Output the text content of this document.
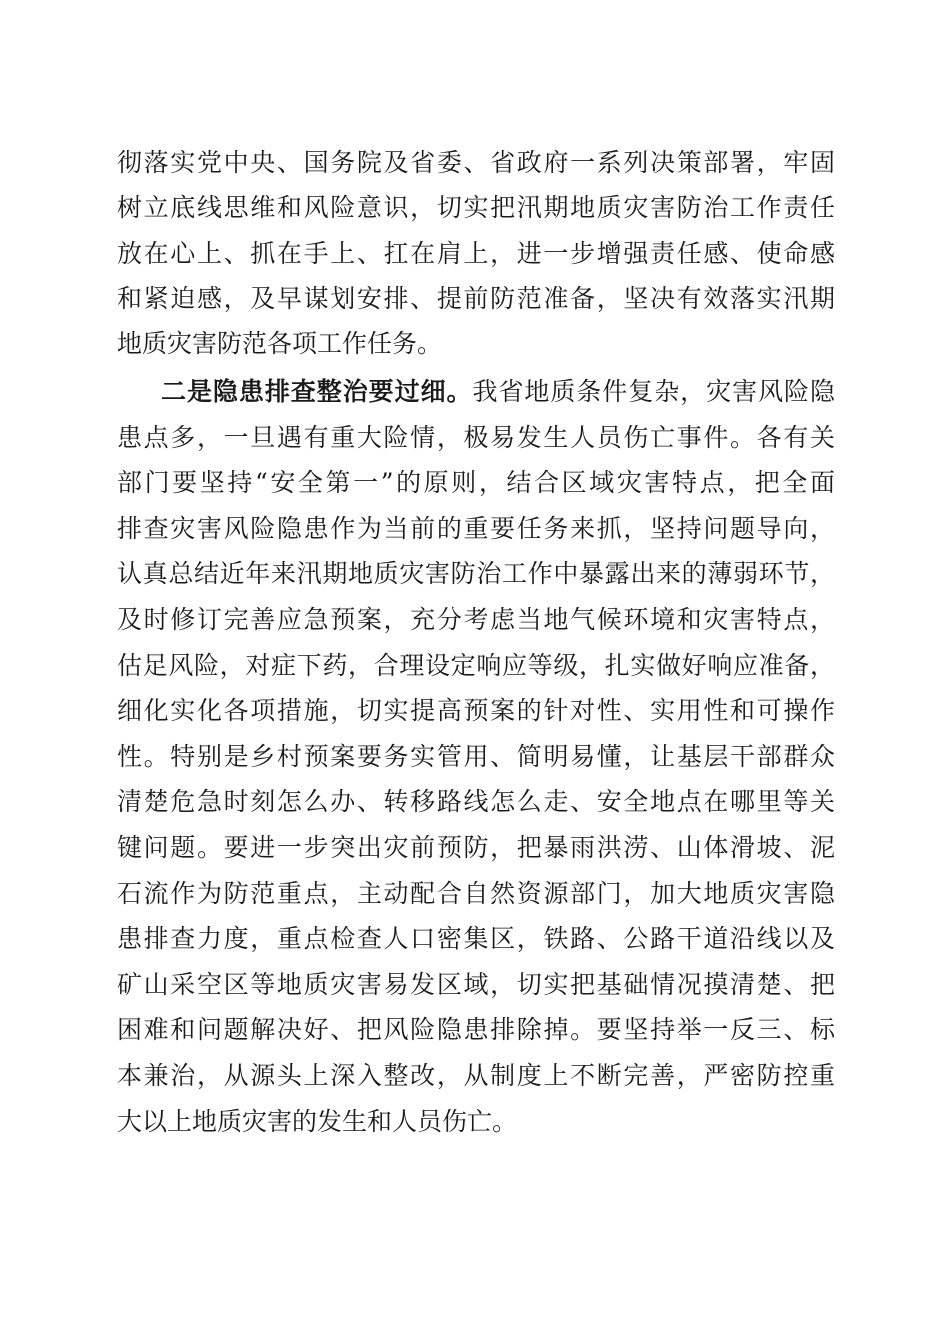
彻落实党中央、国务院及省委、省政府一系列决策部署，牢固
树立底线思维和风险意识，切实把汛期地质灾害防治工作责任
放在心上、抓在手上、扛在肩上，进一步增强责任感、使命感
和紧迫感，及早谋划安排、提前防范准备，坚决有效落实汛期
地质灾害防范各项工作任务。
二是隐患排查整治要过细。我省地质条件复杂，灾害风险隐
患点多，一旦遇有重大险情，极易发生人员伤亡事件。各有关
部门要坚持“安全第一”的原则，结合区域灾害特点，把全面
排查灾害风险隐患作为当前的重要任务来抓，坚持问题导向，
认真总结近年来汛期地质灾害防治工作中暴露出来的薄弱环节，
及时修订完善应急预案，充分考虑当地气候环境和灾害特点，
估足风险，对症下药，合理设定响应等级，扎实做好响应准备，
细化实化各项措施，切实提高预案的针对性、实用性和可操作
性。特别是乡村预案要务实管用、简明易懂，让基层干部群众
清楚危急时刻怎么办、转移路线怎么走、安全地点在哪里等关
键问题。要进一步突出灾前预防，把暴雨洪涝、山体滑坡、泥
石流作为防范重点，主动配合自然资源部门，加大地质灾害隐
患排查力度，重点检查人口密集区，铁路、公路干道沿线以及
矿山采空区等地质灾害易发区域，切实把基础情况摸清楚、把
困难和问题解决好、把风险隐患排除掉。要坚持举一反三、标
本兼治，从源头上深入整改，从制度上不断完善，严密防控重
大以上地质灾害的发生和人员伤亡。
